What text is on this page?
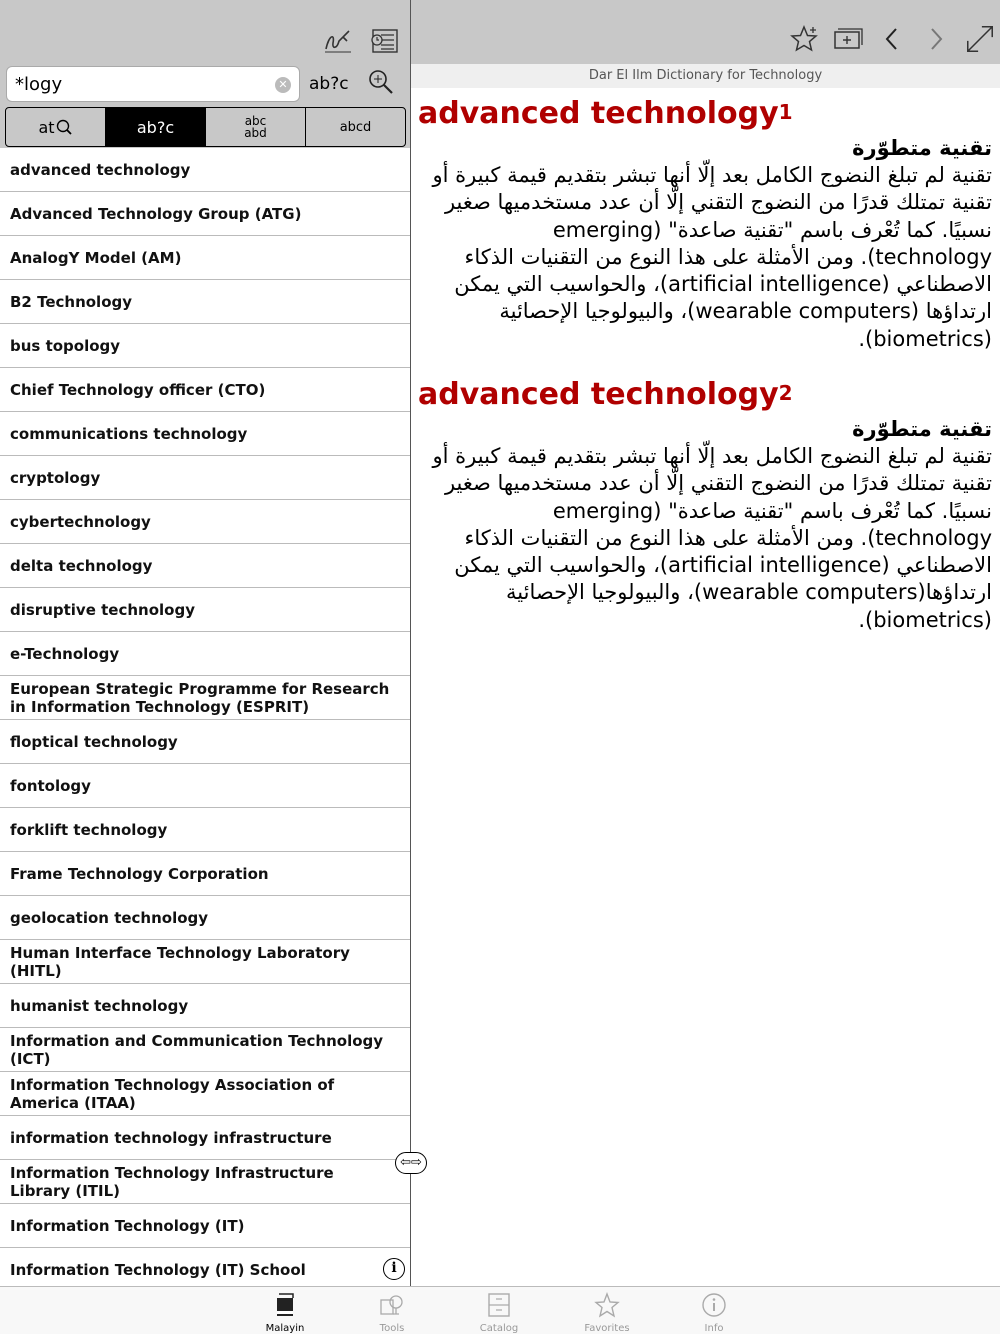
*logy
✕ ab?c
at	ab?c	abc
abd	abcd
advanced technology
Advanced Technology Group (ATG)
AnalogY Model (AM)
B2 Technology
bus topology
Chief Technology officer (CTO)
communications technology
cryptology
cybertechnology
delta technology
disruptive technology
e-Technology
European Strategic Programme for Research in Information Technology (ESPRIT)
floptical technology
fontology
forklift technology
Frame Technology Corporation
geolocation technology
Human Interface Technology Laboratory (HITL)
humanist technology
Information and Communication Technology (ICT)
Information Technology Association of America (ITAA)
information technology infrastructure
Information Technology Infrastructure Library (ITIL)
Information Technology (IT)
Information Technology (IT) School	i
⇦⇨
Dar El Ilm Dictionary for Technology
advanced technology$^1$
تقنية متطوّرة
تقنية لم تبلغ النضوج الكامل بعد إلّا أنها تبشر بتقديم قيمة كبيرة أو تقنية تمتلك قدرًا من النضوج التقني إلّا أن عدد مستخدميها صغير نسبيًا. كما تُعْرف باسم "تقنية صاعدة" (emerging technology). ومن الأمثلة على هذا النوع من التقنيات الذكاء الاصطناعي (artificial intelligence)، والحواسيب التي يمكن ارتداؤها (wearable computers)، والبيولوجيا الإحصائية (biometrics).
advanced technology$^2$
تقنية متطوّرة
تقنية لم تبلغ النضوج الكامل بعد إلّا أنها تبشر بتقديم قيمة كبيرة أو تقنية تمتلك قدرًا من النضوج التقني إلّا أن عدد مستخدميها صغير نسبيًا. كما تُعْرف باسم "تقنية صاعدة" (emerging technology). ومن الأمثلة على هذا النوع من التقنيات الذكاء الاصطناعي (artificial intelligence)، والحواسيب التي يمكن ارتداؤها(wearable computers)، والبيولوجيا الإحصائية (biometrics).
Malayin	Tools	Catalog	Favorites	Info
